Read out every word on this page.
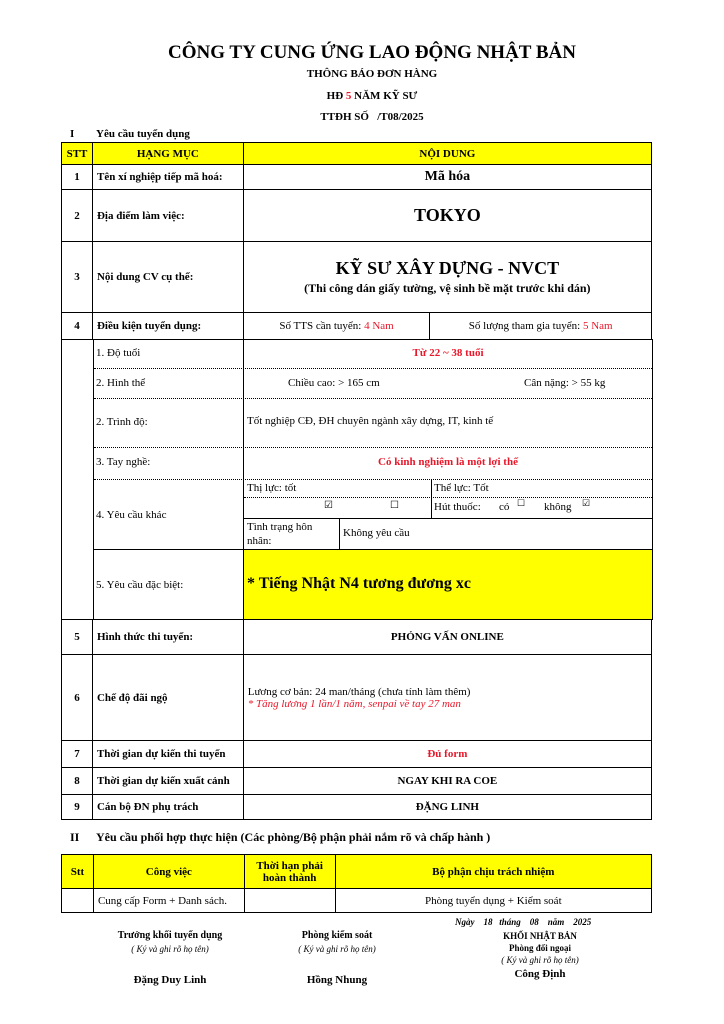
CÔNG TY CUNG ỨNG LAO ĐỘNG NHẬT BẢN
THÔNG BÁO ĐƠN HÀNG
HĐ 5 NĂM KỸ SƯ
TTĐH SỐ   /T08/2025
I Yêu cầu tuyển dụng
STT	HẠNG MỤC	NỘI DUNG	
1	Tên xí nghiệp tiếp mã hoá:	Mã hóa	
2	Địa điểm làm việc:	TOKYO	
3	Nội dung CV cụ thể:	KỸ SƯ XÂY DỰNG - NVCT
(Thi công dán giấy tường, vệ sinh bề mặt trước khi dán)	

4	Điều kiện tuyển dụng:	Số TTS cần tuyển: 4 Nam	Số lượng tham gia tuyển: 5 Nam
1. Độ tuổi	Từ 22 ~ 38 tuổi
2. Hình thể	Chiều cao: > 165 cm	Cân nặng: > 55 kg
2. Trình độ:	Tốt nghiệp CĐ, ĐH chuyên ngành xây dựng, IT, kinh tế
3. Tay nghề:	Có kinh nghiệm là một lợi thế
4. Yêu cầu khác
Thị lực: tốt	Thể lực: Tốt
☑	☐	Hút thuốc: có ☐ không ☑
Tình trạng hôn nhân:
Không yêu cầu
5. Yêu cầu đặc biệt:	* Tiếng Nhật N4 tương đương xc
5	Hình thức thi tuyển:	PHỎNG VẤN ONLINE
6	Chế độ đãi ngộ	Lương cơ bản: 24 man/tháng (chưa tính làm thêm)
* Tăng lương 1 lần/1 năm, senpai về tay 27 man

7	Thời gian dự kiến thi tuyển	Đủ form
8	Thời gian dự kiến xuất cảnh	NGAY KHI RA COE
9	Cán bộ ĐN phụ trách	ĐẶNG LINH
II Yêu cầu phối hợp thực hiện (Các phòng/Bộ phận phải nắm rõ và chấp hành )
Stt	Công việc	Thời hạn phải hoàn thành	Bộ phận chịu trách nhiệm
	Cung cấp Form + Danh sách.		Phòng tuyển dụng + Kiểm soát
Ngày    18   tháng    08    năm    2025
Trưởng khối tuyển dụng
( Ký và ghi rõ họ tên)
Đặng Duy Linh
Phòng kiểm soát
( Ký và ghi rõ họ tên)
Hồng Nhung
KHỐI NHẬT BẢN
Phòng đối ngoại
( Ký và ghi rõ họ tên)
Công Định
